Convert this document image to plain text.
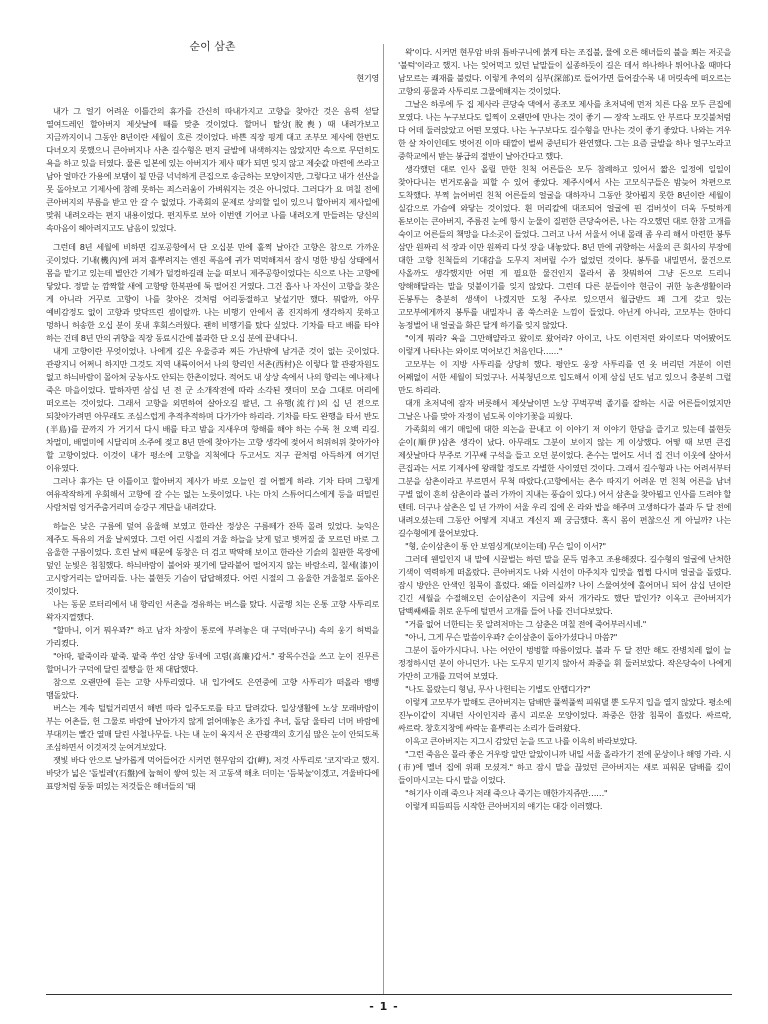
순이 삼촌
현기영

내가 그 얼기 어려운 이틀간의 휴가를 간신히 따내가지고 고향을 찾아간 것은 음력 섣달 열여드레인 할아버지 제삿날에 때를 맞춘 것이었다. 할머니 탈상(脫喪) 때 내려가보고 지금까지이니 그동안 8년이란 세월이 흐른 것이었다. 바쁜 직장 핑계 대고 조부모 제사에 한번도 다녀오지 못했으니 큰아버지나 사촌 길수형은 편지 글발에 내색하지는 않았지만 속으로 무던히도 욕을 하고 있을 터였다. 물론 일본에 있는 아버지가 제사 때가 되면 잊지 않고 제숫값 마련에 쓰라고 남아 얼마간 가용에 보탬이 될 만큼 넉넉하게 큰집으로 송금하는 모양이지만, 그렇다고 내가 선산을 못 돌아보고 기제사에 참례 못하는 죄스러움이 가벼워지는 것은 아니었다. 그러다가 요 며칠 전에 큰아버지의 부름을 받고 안 갈 수 없었다. 가족회의 문제로 상의할 일이 있으니 할아버지 제사일에 맞춰 내려오라는 편지 내용이었다. 편지투로 보아 이번엔 기어코 나를 내려오게 만들려는 당신의 속마음이 헤아려지고도 남음이 있었다.

그런데 8년 세월에 비하면 김포공항에서 단 오십분 만에 훌쩍 날아간 고향은 참으로 가까운 곳이었다. 기내(機內)에 퍼져 흩뿌려지는 엔진 폭음에 귀가 먹먹해져서 잠시 멍한 방심 상태에서 몸을 맡기고 있는데 별안간 기체가 덜컹하길래 눈을 떠보니 제주공항이었다는 식으로 나는 고향에 닿았다. 정말 눈 깜짝할 새에 고향땅 한복판에 툭 떨어진 거였다. 그건 흡사 나 자신이 고향을 찾은 게 아니라 거꾸로 고향이 나를 찾아온 것처럼 어리둥절하고 낯설기만 했다. 뭐랄까, 아무 예비감정도 없이 고향과 맞닥뜨린 셈이랄까. 나는 비행기 안에서 좀 진지하게 생각하지 못하고 멍하니 허송한 오십 분이 못내 후회스러웠다. 괜히 비행기를 탔다 싶었다. 기차를 타고 배를 타야 하는 건데 8년 만의 귀향을 직장 동료시간에 불과한 단 오십 분에 끝내다니.

내게 고향이란 무엇이었나. 나에게 깊은 우울증과 찌든 가난밖에 남겨준 것이 없는 곳이었다. 관광지니 어쩌니 하지만 그것도 지역 내륙이어서 나의 향리인 서촌(西村)은 이렇다 할 관광자원도 없고 하늬바람이 몰아쳐 궁농사도 안되는 한촌이었다. 적어도 내 상상 속에서 나의 향리는 예나제나 죽은 마을이었다. 말하자면 삼십 년 전 군 소개작전에 따라 소각된 잿더미 모습 그대로 머리에 떠오르는 것이었다. 그래서 고향을 외면하여 살아오길 팔년, 그 유행(流行)의 십 년 전으로 되찾아가려면 아무래도 조심스럽게 추적추적하며 다가가야 하리라. 기차를 타도 완행을 타서 반도(半島)를 끝까지 가 거기서 다시 배를 타고 밤을 지새우며 항해를 해야 하는 수록 천 오백 리길. 차멀미, 배멀미에 시달리며 소주에 젖고 8년 만에 찾아가는 고향 생각에 젖어서 허위허위 찾아가야 할 고향이었다. 이것이 내가 평소에 고향을 지척에다 두고서도 지구 끝처럼 아득하게 여기던 이유였다.

그러나 휴가는 단 이틀이고 할아버지 제사가 바로 오늘인 걸 어쩔게 하랴. 기차 타며 그렇게 여유작작하게 우회해서 고향에 갈 수는 없는 노릇이었다. 나는 마치 스튜어디스에게 등을 떠밀린 사람처럼 엉거주춤거리며 승강구 계단을 내려갔다.

하늘은 낮은 구름에 덮여 음울해 보였고 한라산 정상은 구름떼가 잔뜩 몰려 있었다. 늦익은 제주도 특유의 겨울 날씨였다. 그런 어린 시절의 겨울 하늘을 낮게 덮고 볏꺼질 줄 모르던 바로 그 음울한 구름이었다. 흐린 날씨 때문에 동창은 더 검고 딱딱해 보이고 한라산 기슭의 칠판한 목장에 덮인 눈빛은 침침했다. 하늬바람이 불어와 핏기에 달라붙어 떨어지지 않는 바람소리, 칠세(漆)이 고시랑거리는 알머리들. 나는 불현듯 기슴이 답답해졌다. 어린 시절의 그 음울한 겨울철로 돌아온 것이었다.

나는 동문 로터리에서 내 향리인 서촌을 경유하는 버스를 탔다. 시골행 치는 온통 고향 사투리로 왁자지껄했다.

"할마니, 이거 뭐우꽈?" 하고 남자 차장이 통로에 부려놓은 대 구덕(바구니) 속의 웅기 허벅을 가리켰다.

"아따, 팥죽이라 팥죽. 팥죽 쑤언 삼양 동네에 고렴(高廉)갑서." 광목수건을 쓰고 눈이 진무른 할머니가 구덕에 달린 질빵을 한 채 대답했다.

참으로 오랜만에 듣는 고향 사투리였다. 내 입가에도 은연중에 고향 사투리가 떠올라 뱅뱅 맴돌았다.

버스는 계속 털털거리면서 해변 따라 일주도로를 타고 달려갔다. 일상생활에 노상 모래바람이 부는 어촌들, 헌 그물로 바람에 날아가지 않게 얽어매놓은 초가집 추녀, 돌담 울타리 너머 바람에 부대끼는 빨간 열매 달린 사철나무들. 나는 내 눈이 육지서 온 관광객의 호기심 많은 눈이 안되도록 조심하면서 이것저것 눈여겨보았다.

잿빛 바다 안으로 날카롭게 먹어들어간 시커먼 현무암의 갑(岬), 저것 사투리로 '코지'라고 했지. 바닷가 넓은 '돌빌레'(石盤)에 눕혀이 쌓여 있는 저 고동색 해초 더미는 '듬북눌'이겠고, 겨울바다에 표랑처럼 둥둥 떠있는 저것들은 해녀들의 '태

왁'이다. 시커먼 현무암 바위 틈바구니에 붉게 타는 조집불, 물에 오른 해녀들의 불을 쬐는 저곳을 '불턱'이라고 했지. 나는 잊어먹고 있던 낱말들이 실종하듯이 길은 데서 하나하나 튀어나올 때마다 남모르는 쾌재를 불렀다. 이렇게 추억의 심부(深部)로 들어가면 들어갈수록 내 머릿속에 떠오르는 고향의 풍물과 사투리로 그물에해지는 것이었다.

그날은 하루에 두 집 제사라 큰당숙 댁에서 종조모 제사를 초저녁에 먼저 치른 다음 모두 큰집에 모였다. 나는 누구보다도 일찍이 오랜만에 만나는 것이 좋기 ― 장작 노래도 안 부르다 모깃불처럼 다 어데 둘러앉았고 어떤 모였다. 나는 누구보다도 길수형을 만나는 것이 좋기 좋았다. 나와는 겨우 한 살 차이인데도 벗어진 이마 태깔이 벌써 중년티가 완연했다. 그는 요즘 글발을 하나 얼구노라고 중학교에서 받는 봉급의 절반이 날아간다고 했다.

생각했던 대로 인사 올릴 만한 친척 어른들은 모두 참례하고 있어서 짧은 일정에 일일이 찾아다니는 번거로움을 피할 수 있어 좋았다. 제주시에서 사는 고모식구들은 밤늦어 차편으로 도착했다. 부쩍 늙어버린 친척 어른들의 얼굴을 대하자니 그동안 찾아뵙지 못한 8년이란 세월이 실감으로 가슴에 와닿는 것이었다. 흰 머리칼에 대조되어 얼굴에 핀 검버섯이 더욱 두텃하게 돋보이는 큰아버지, 주름진 눈에 항시 눈물이 질펀한 큰당숙어른, 나는 각오했던 대로 한참 고개를 숙이고 어른들의 책망을 다소곳이 들었다. 그러고 나서 서울서 어내 몰래 좀 우리 해서 마련한 봉투 삼만 원짜리 석 장과 이만 원짜리 다섯 장을 내놓았다. 8년 만에 귀향하는 서울의 큰 회사의 부장에 대한 고향 친척들의 기대감을 도무지 저버릴 수가 없었던 것이다. 봉투를 내밀면서, 물건으로 사올까도 생각했지만 어떤 게 필요한 물건인지 몰라서 좀 찻뭐하여 그냥 돈으로 드리니 양해해달라는 말을 덧붙이기를 잊지 않았다. 그런데 다른 분들이야 현금이 귀한 농촌생활이라 돈봉투는 충분히 생색이 나겠지만 도청 주사로 있으면서 월급받드 꽤 그게 갖고 있는 고모부에게까지 봉투를 내밀자니 좀 쑥스러운 느낌이 들었다. 아닌게 아니라, 고모부는 한마디 농정벌어 내 얼굴을 화끈 달게 하기를 잊지 않았다.

"이게 뭐라? 육을 그만해얄라고 왔이로 왔어라? 아이고, 나도 이런저런 와이로다 먹어봤어도 이렇게 나타나는 와이로 먹어보긴 처음인다……"

고모부는 이 지방 사투리를 상당히 했다. 평안도 웅장 사투리를 연 옷 버리던 겨분이 이런 어째없이 서한 세월이 되었구나. 서북청년으로 입도해서 이제 삼십 년도 넘고 있으니 충분히 그럴 만도 하리라.

대개 초저녁에 잠자 버릇해서 제삿날이면 노상 꾸벅꾸벅 졸기를 잘하는 시골 어른들이었지만 그날은 나를 맞아 자정이 넘도록 이야기꽃을 피웠다.

가족회의 얘기 매일에 대한 의논을 끝내고 이 이야기 저 이야기 한담을 즐기고 있는데 불현듯 순이(順伊)삼촌 생각이 났다. 아무래도 그분이 보이지 않는 게 이상했다. 어떻 때 보면 큰집 제삿날마다 부주로 기꾸쌔 구석을 들고 오던 분이었다. 촌수는 멀어도 서너 집 건너 이웃에 살아서 큰집과는 서로 기제사에 왕래할 정도로 각별한 사이였던 것이다. 그래서 길수형과 나는 어려서부터 그분을 삼촌이라고 부르면서 무척 따랐다.(고향에서는 촌수 따지기 어려운 먼 친척 어른을 남녀 구별 없이 흔히 삼촌이라 불러 가까이 지내는 풍습이 있다.) 어서 삼촌을 찾아뵙고 인사를 드려야 할 텐데. 더구나 삼촌은 일 년 가까이 서울 우리 집에 온 라와 밥을 해주며 고생하다가 불과 두 달 전에 내려오셨는데 그동안 어떻게 지내고 계신지 꽤 궁금했다. 혹시 몸이 편찮으신 게 아닐까? 나는 길수형에게 물어보았다.

"형, 순이삼촌이 통 안 보염싱게(보이는데) 무슨 일이 이서?"

그러데 웬일인지 내 말에 시끌벌는 하던 말을 문득 멈추고 조용해졌다. 길수형의 얼굴에 난처한 기색이 역력하게 떠올랐다. 큰아버지도 나와 시선이 마주치자 입맛을 쩝쩝 다시며 얼굴을 돌렸다. 잠시 방안은 안색인 침묵이 흘렀다. 왜들 이러실까? 나이 스물여섯에 홀어머니 되어 삼십 년이란 긴긴 세월을 수절해오던 순이삼촌이 지금에 와서 개가라도 했단 말인가? 이옥고 큰아버지가 담백쌔쌔를 취로 운두에 털면서 고개를 들어 나를 건너다보았다.

"거를 없어 너한티는 못 알려저마는 그 삼춘은 며칠 전에 죽어부러시녜."

"아니, 그게 무슨 말씀이우꽈? 순이삼춘이 돌아가셨다니 마씀?"

그분이 돌아가시다니. 나는 어안이 벙벙할 따름이었다. 불과 두 달 전만 해도 잔병치레 없이 늘 정정하시던 분이 아니던가. 나는 도무지 믿기지 않아서 좌중을 휘 둘러보았다. 작은당숙이 나에게 가만히 고개를 끄덕여 보였다.

"나도 몰랐는디 형님, 무사 나헌티는 기별도 안햅디가?"

이렇게 고모부가 말해도 큰아버지는 담배만 풀썩풀썩 피워댈 뿐 도무지 입을 열지 않았다. 평소에 진누이같이 지내던 사이인지라 좀시 괴로운 모양이었다. 좌중은 한참 침묵이 흘렀다. 싸르락, 싸르락. 창호지창에 싸락눈 흩뿌리는 소리가 들려왔다.

이윽고 큰아버지는 지그시 감았던 눈을 뜨고 나를 이윽히 바라보았다.

"그런 죽음은 몰라 좋은 거우랑 알만 알았이니까 내일 서울 올라가기 전에 문상이나 해영 가라. 시(市)에 멜녀 집에 위패 모셨져." 하고 잠시 말을 끊었던 큰아버지는 새로 피워문 담배를 깊이 들이마시고는 다시 말을 이었다.

"허기사 이래 죽으나 저래 죽으나 죽기는 매한가지쥬만……"

이렇게 띄듬띄듬 시작한 큰아버지의 얘기는 대강 이러했다.

- 1 -
